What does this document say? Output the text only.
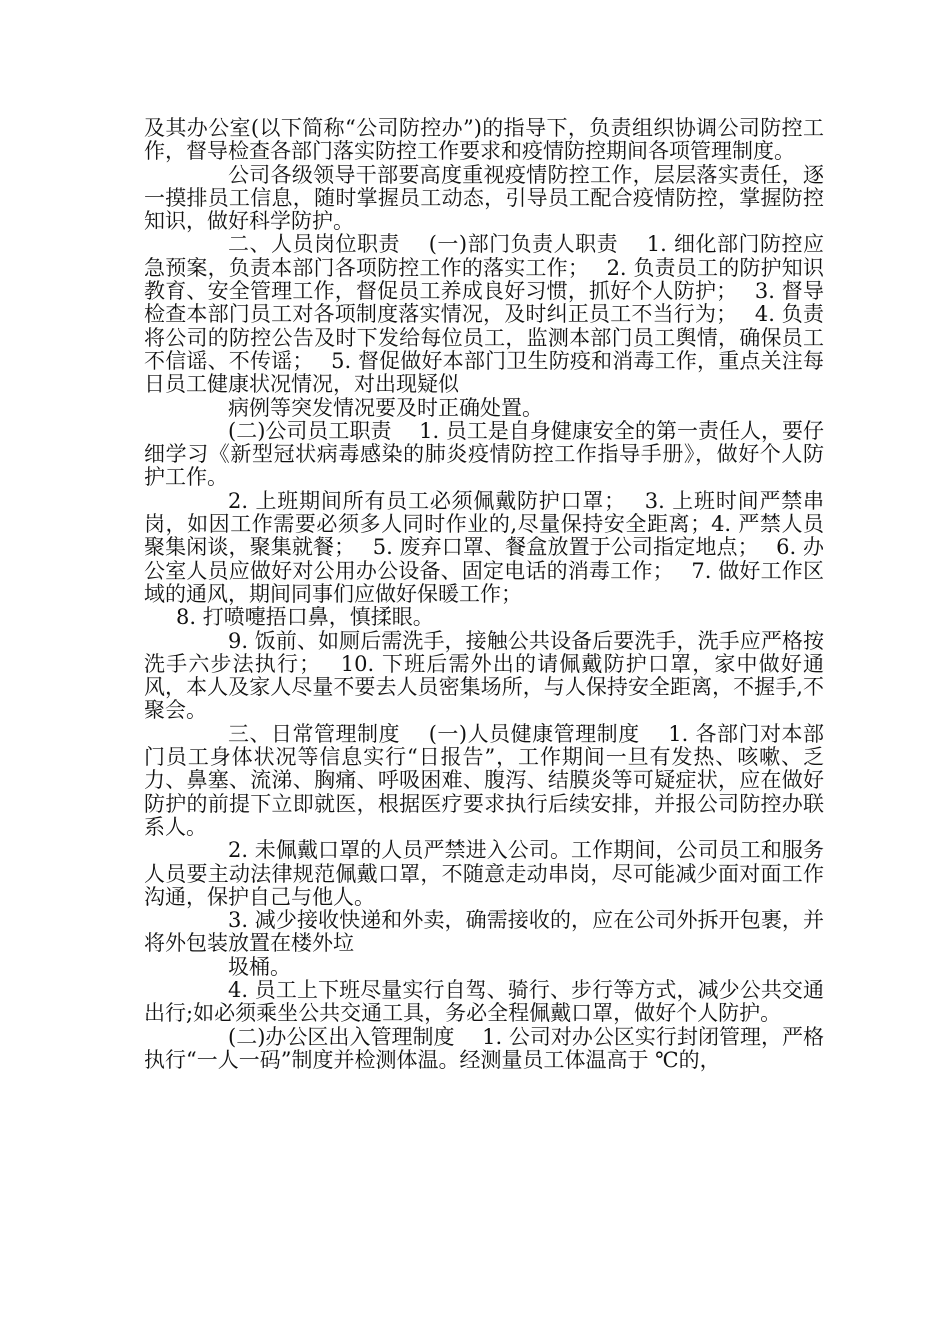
及其办公室(以下简称“公司防控办”)的指导下，负责组织协调公司防控工作，督导检查各部门落实防控工作要求和疫情防控期间各项管理制度。

公司各级领导干部要高度重视疫情防控工作，层层落实责任，逐一摸排员工信息，随时掌握员工动态，引导员工配合疫情防控，掌握防控知识，做好科学防护。

二、人员岗位职责　 (一)部门负责人职责　 1. 细化部门防控应急预案，负责本部门各项防控工作的落实工作；　 2. 负责员工的防护知识教育、安全管理工作，督促员工养成良好习惯，抓好个人防护；　 3. 督导检查本部门员工对各项制度落实情况，及时纠正员工不当行为；　 4. 负责将公司的防控公告及时下发给每位员工，监测本部门员工舆情，确保员工不信谣、不传谣；　 5. 督促做好本部门卫生防疫和消毒工作，重点关注每日员工健康状况情况，对出现疑似

病例等突发情况要及时正确处置。

(二)公司员工职责　 1. 员工是自身健康安全的第一责任人，要仔细学习《新型冠状病毒感染的肺炎疫情防控工作指导手册》，做好个人防护工作。

2. 上班期间所有员工必须佩戴防护口罩；　 3. 上班时间严禁串岗，如因工作需要必须多人同时作业的,尽量保持安全距离；4. 严禁人员聚集闲谈，聚集就餐；　 5. 废弃口罩、餐盒放置于公司指定地点；　 6. 办公室人员应做好对公用办公设备、固定电话的消毒工作；　 7. 做好工作区域的通风，期间同事们应做好保暖工作；

8. 打喷嚏捂口鼻，慎揉眼。

9. 饭前、如厕后需洗手，接触公共设备后要洗手，洗手应严格按洗手六步法执行；　 10. 下班后需外出的请佩戴防护口罩，家中做好通风，本人及家人尽量不要去人员密集场所，与人保持安全距离，不握手,不聚会。

三、日常管理制度　 (一)人员健康管理制度　 1. 各部门对本部门员工身体状况等信息实行“日报告”，工作期间一旦有发热、咳嗽、乏力、鼻塞、流涕、胸痛、呼吸困难、腹泻、结膜炎等可疑症状，应在做好防护的前提下立即就医，根据医疗要求执行后续安排，并报公司防控办联系人。

2. 未佩戴口罩的人员严禁进入公司。工作期间，公司员工和服务人员要主动法律规范佩戴口罩，不随意走动串岗，尽可能减少面对面工作沟通，保护自己与他人。

3. 减少接收快递和外卖，确需接收的，应在公司外拆开包裹，并将外包装放置在楼外垃

圾桶。

4. 员工上下班尽量实行自驾、骑行、步行等方式，减少公共交通出行;如必须乘坐公共交通工具，务必全程佩戴口罩，做好个人防护。

(二)办公区出入管理制度　 1. 公司对办公区实行封闭管理，严格执行“一人一码”制度并检测体温。经测量员工体温高于 ℃的，
